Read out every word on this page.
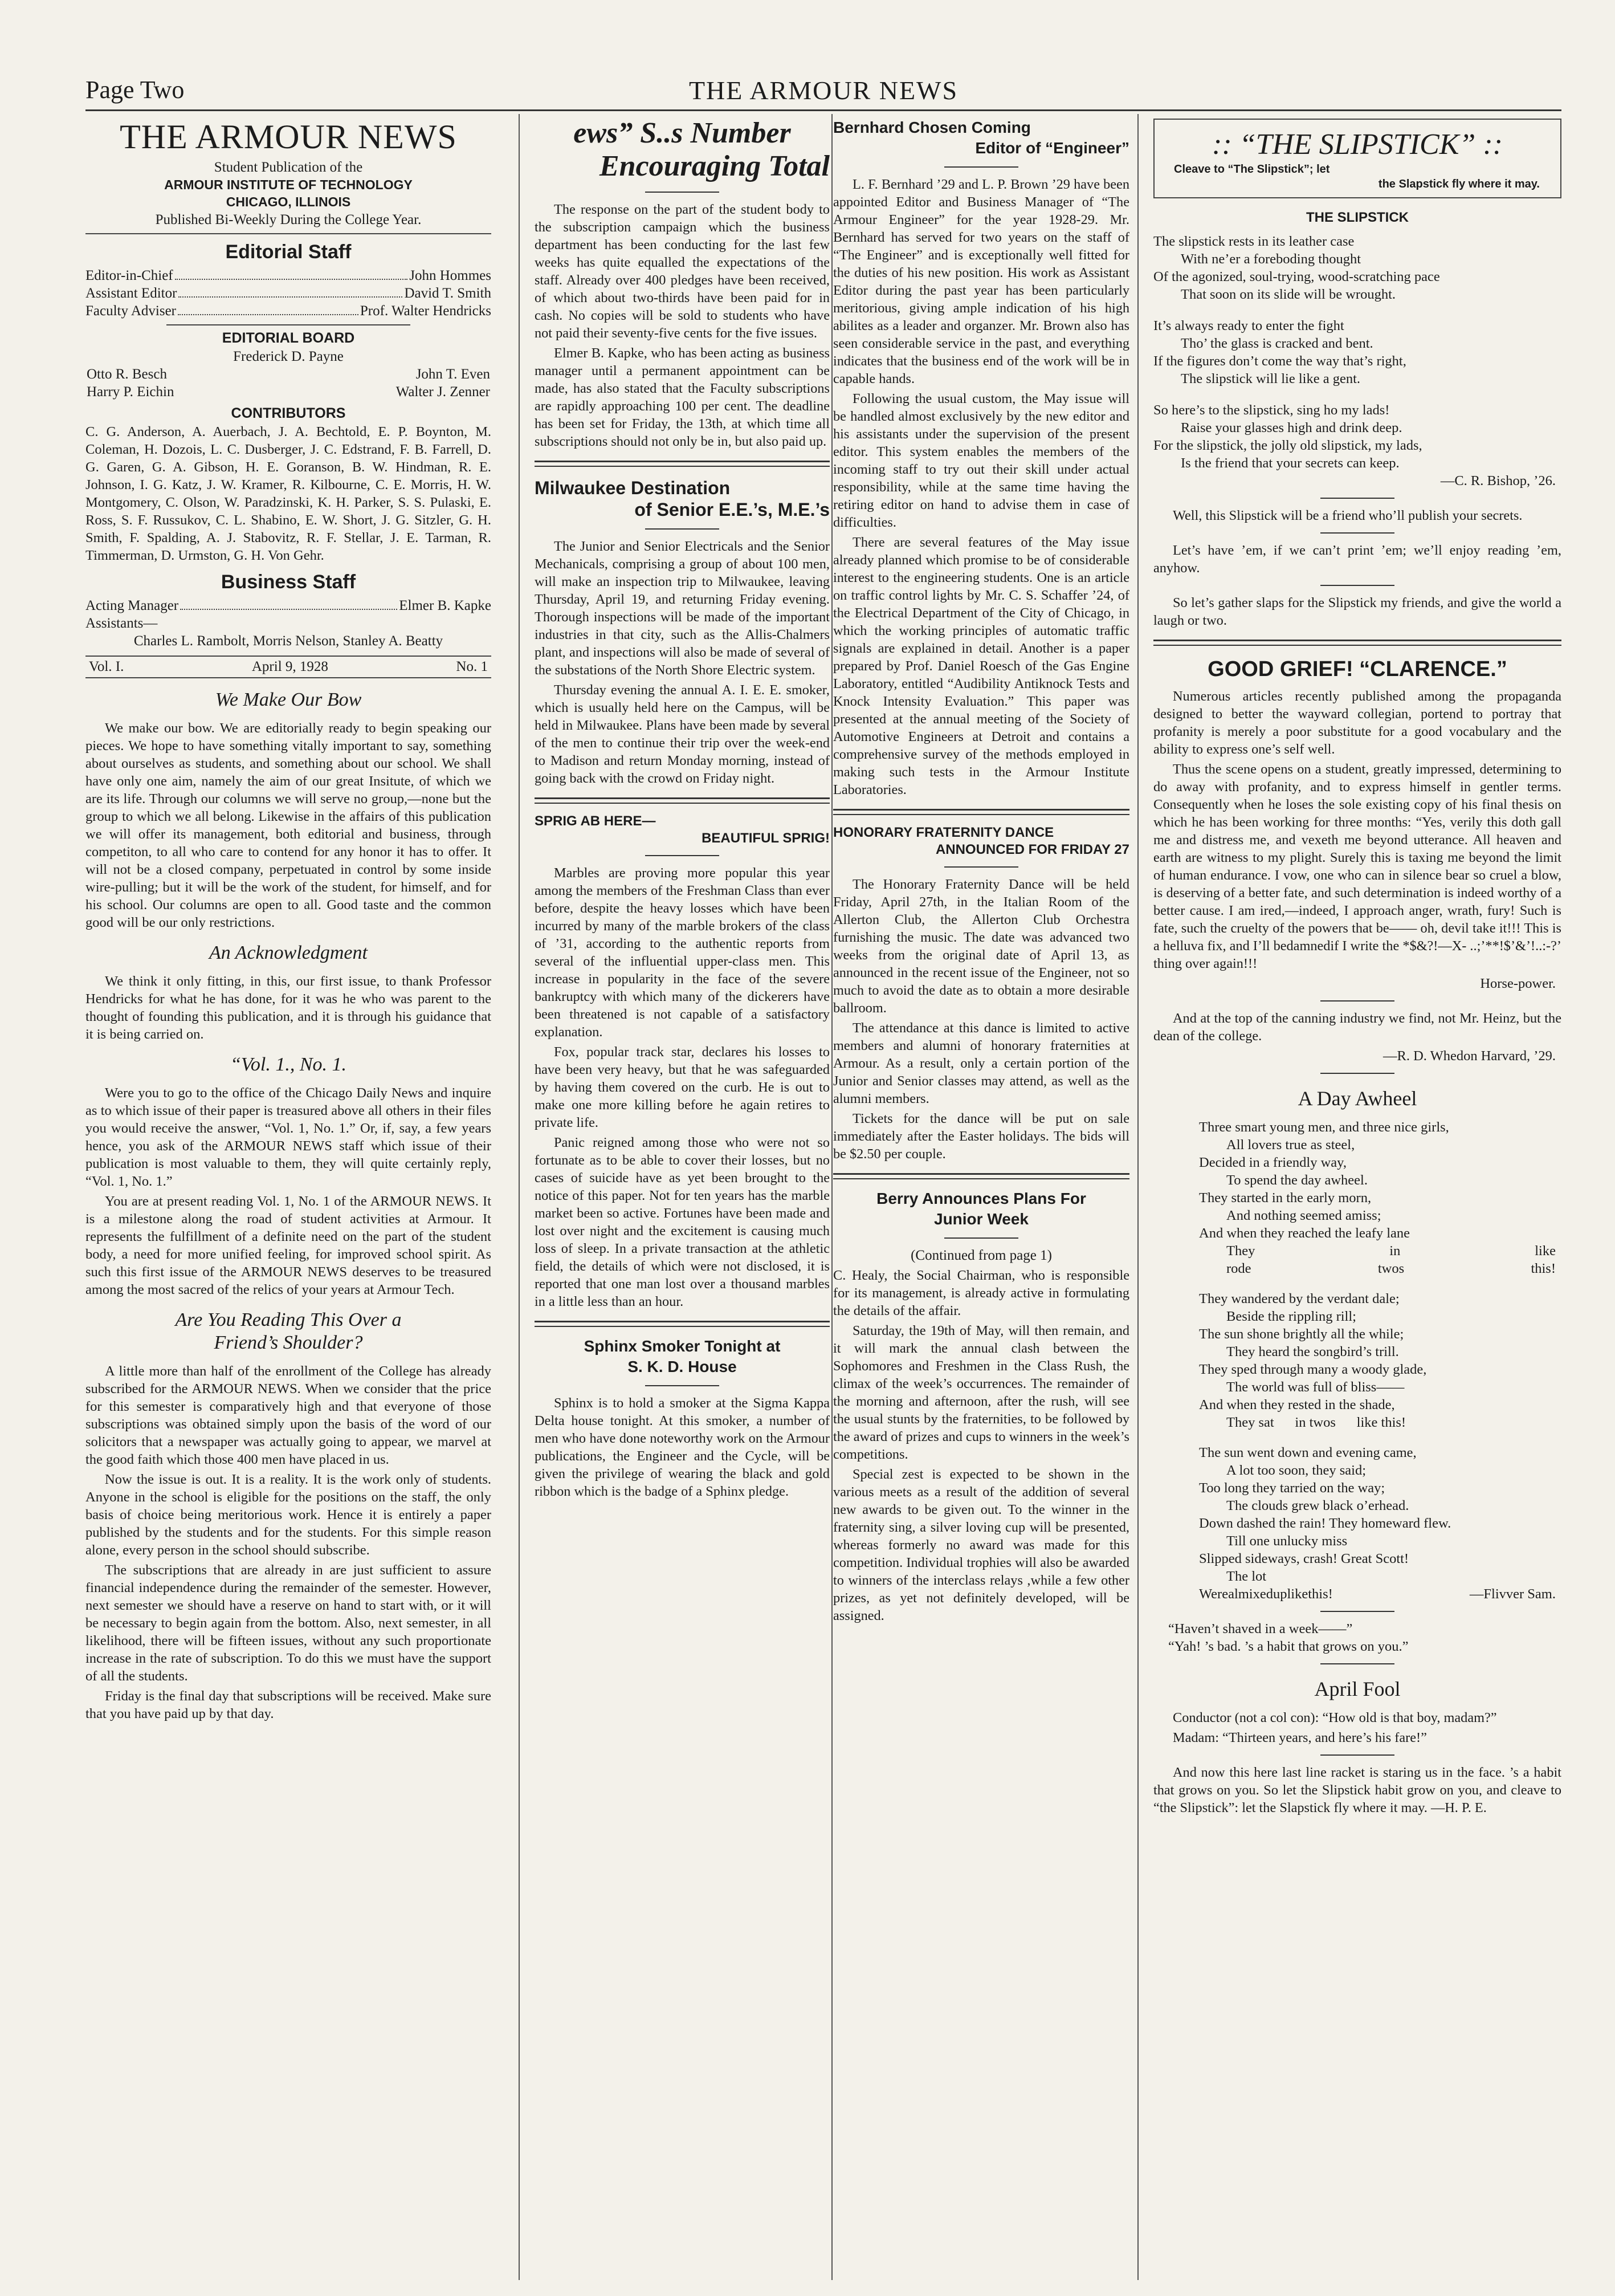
Page Two	THE ARMOUR NEWS
THE ARMOUR NEWS
Student Publication of the
ARMOUR INSTITUTE OF TECHNOLOGY
CHICAGO, ILLINOIS
Published Bi-Weekly During the College Year.
Editorial Staff
Editor-in-Chief	John Hommes
Assistant Editor	David T. Smith
Faculty Adviser	Prof. Walter Hendricks
EDITORIAL BOARD
Frederick D. Payne
Otto R. Besch	John T. Even
Harry P. Eichin	Walter J. Zenner
CONTRIBUTORS
C. G. Anderson, A. Auerbach, J. A. Bechtold, E. P. Boynton, M. Coleman, H. Dozois, L. C. Dusberger, J. C. Edstrand, F. B. Farrell, D. G. Garen, G. A. Gibson, H. E. Goranson, B. W. Hindman, R. E. Johnson, I. G. Katz, J. W. Kramer, R. Kilbourne, C. E. Morris, H. W. Montgomery, C. Olson, W. Paradzinski, K. H. Parker, S. S. Pulaski, E. Ross, S. F. Russukov, C. L. Shabino, E. W. Short, J. G. Sitzler, G. H. Smith, F. Spalding, A. J. Stabovitz, R. F. Stellar, J. E. Tarman, R. Timmerman, D. Urmston, G. H. Von Gehr.
Business Staff
Acting Manager	Elmer B. Kapke
Assistants—
Charles L. Rambolt, Morris Nelson, Stanley A. Beatty
Vol. I.	April 9, 1928	No. 1
We Make Our Bow

We make our bow. We are editorially ready to begin speaking our pieces. We hope to have something vitally important to say, something about ourselves as students, and something about our school. We shall have only one aim, namely the aim of our great Insitute, of which we are its life. Through our columns we will serve no group,—none but the group to which we all belong. Likewise in the affairs of this publication we will offer its management, both editorial and business, through competiton, to all who care to contend for any honor it has to offer. It will not be a closed company, perpetuated in control by some inside wire-pulling; but it will be the work of the student, for himself, and for his school. Our columns are open to all. Good taste and the common good will be our only restrictions.

An Acknowledgment

We think it only fitting, in this, our first issue, to thank Professor Hendricks for what he has done, for it was he who was parent to the thought of founding this publication, and it is through his guidance that it is being carried on.

“Vol. 1., No. 1.

Were you to go to the office of the Chicago Daily News and inquire as to which issue of their paper is treasured above all others in their files you would receive the answer, “Vol. 1, No. 1.” Or, if, say, a few years hence, you ask of the ARMOUR NEWS staff which issue of their publication is most valuable to them, they will quite certainly reply, “Vol. 1, No. 1.”

You are at present reading Vol. 1, No. 1 of the ARMOUR NEWS. It is a milestone along the road of student activities at Armour. It represents the fulfillment of a definite need on the part of the student body, a need for more unified feeling, for improved school spirit. As such this first issue of the ARMOUR NEWS deserves to be treasured among the most sacred of the relics of your years at Armour Tech.

Are You Reading This Over a
Friend’s Shoulder?

A little more than half of the enrollment of the College has already subscribed for the ARMOUR NEWS. When we consider that the price for this semester is comparatively high and that everyone of those subscriptions was obtained simply upon the basis of the word of our solicitors that a newspaper was actually going to appear, we marvel at the good faith which those 400 men have placed in us.

Now the issue is out. It is a reality. It is the work only of students. Anyone in the school is eligible for the positions on the staff, the only basis of choice being meritorious work. Hence it is entirely a paper published by the students and for the students. For this simple reason alone, every person in the school should subscribe.

The subscriptions that are already in are just sufficient to assure financial independence during the remainder of the semester. However, next semester we should have a reserve on hand to start with, or it will be necessary to begin again from the bottom. Also, next semester, in all likelihood, there will be fifteen issues, without any such proportionate increase in the rate of subscription. To do this we must have the support of all the students.

Friday is the final day that subscriptions will be received. Make sure that you have paid up by that day.

ews” S..s Number
Encouraging Total

The response on the part of the student body to the subscription campaign which the business department has been conducting for the last few weeks has quite equalled the expectations of the staff. Already over 400 pledges have been received, of which about two-thirds have been paid for in cash. No copies will be sold to students who have not paid their seventy-five cents for the five issues.

Elmer B. Kapke, who has been acting as business manager until a permanent appointment can be made, has also stated that the Faculty subscriptions are rapidly approaching 100 per cent. The deadline has been set for Friday, the 13th, at which time all subscriptions should not only be in, but also paid up.

Milwaukee Destination
of Senior E.E.’s, M.E.’s

The Junior and Senior Electricals and the Senior Mechanicals, comprising a group of about 100 men, will make an inspection trip to Milwaukee, leaving Thursday, April 19, and returning Friday evening. Thorough inspections will be made of the important industries in that city, such as the Allis-Chalmers plant, and inspections will also be made of several of the substations of the North Shore Electric system.

Thursday evening the annual A. I. E. E. smoker, which is usually held here on the Campus, will be held in Milwaukee. Plans have been made by several of the men to continue their trip over the week-end to Madison and return Monday morning, instead of going back with the crowd on Friday night.

SPRIG AB HERE—
BEAUTIFUL SPRIG!

Marbles are proving more popular this year among the members of the Freshman Class than ever before, despite the heavy losses which have been incurred by many of the marble brokers of the class of ’31, according to the authentic reports from several of the influential upper-class men. This increase in popularity in the face of the severe bankruptcy with which many of the dickerers have been threatened is not capable of a satisfactory explanation.

Fox, popular track star, declares his losses to have been very heavy, but that he was safeguarded by having them covered on the curb. He is out to make one more killing before he again retires to private life.

Panic reigned among those who were not so fortunate as to be able to cover their losses, but no cases of suicide have as yet been brought to the notice of this paper. Not for ten years has the marble market been so active. Fortunes have been made and lost over night and the excitement is causing much loss of sleep. In a private transaction at the athletic field, the details of which were not disclosed, it is reported that one man lost over a thousand marbles in a little less than an hour.

Sphinx Smoker Tonight at
S. K. D. House

Sphinx is to hold a smoker at the Sigma Kappa Delta house tonight. At this smoker, a number of men who have done noteworthy work on the Armour publications, the Engineer and the Cycle, will be given the privilege of wearing the black and gold ribbon which is the badge of a Sphinx pledge.

Bernhard Chosen Coming
Editor of “Engineer”

L. F. Bernhard ’29 and L. P. Brown ’29 have been appointed Editor and Business Manager of “The Armour Engineer” for the year 1928-29. Mr. Bernhard has served for two years on the staff of “The Engineer” and is exceptionally well fitted for the duties of his new position. His work as Assistant Editor during the past year has been particularly meritorious, giving ample indication of his high abilites as a leader and organzer. Mr. Brown also has seen considerable service in the past, and everything indicates that the business end of the work will be in capable hands.

Following the usual custom, the May issue will be handled almost exclusively by the new editor and his assistants under the supervision of the present editor. This system enables the members of the incoming staff to try out their skill under actual responsibility, while at the same time having the retiring editor on hand to advise them in case of difficulties.

There are several features of the May issue already planned which promise to be of considerable interest to the engineering students. One is an article on traffic control lights by Mr. C. S. Schaffer ’24, of the Electrical Department of the City of Chicago, in which the working principles of automatic traffic signals are explained in detail. Another is a paper prepared by Prof. Daniel Roesch of the Gas Engine Laboratory, entitled “Audibility Antiknock Tests and Knock Intensity Evaluation.” This paper was presented at the annual meeting of the Society of Automotive Engineers at Detroit and contains a comprehensive survey of the methods employed in making such tests in the Armour Institute Laboratories.

HONORARY FRATERNITY DANCE
ANNOUNCED FOR FRIDAY 27

The Honorary Fraternity Dance will be held Friday, April 27th, in the Italian Room of the Allerton Club, the Allerton Club Orchestra furnishing the music. The date was advanced two weeks from the original date of April 13, as announced in the recent issue of the Engineer, not so much to avoid the date as to obtain a more desirable ballroom.

The attendance at this dance is limited to active members and alumni of honorary fraternities at Armour. As a result, only a certain portion of the Junior and Senior classes may attend, as well as the alumni members.

Tickets for the dance will be put on sale immediately after the Easter holidays. The bids will be $2.50 per couple.

Berry Announces Plans For
Junior Week
(Continued from page 1)

C. Healy, the Social Chairman, who is responsible for its management, is already active in formulating the details of the affair.

Saturday, the 19th of May, will then remain, and it will mark the annual clash between the Sophomores and Freshmen in the Class Rush, the climax of the week’s occurrences. The remainder of the morning and afternoon, after the rush, will see the usual stunts by the fraternities, to be followed by the award of prizes and cups to winners in the week’s competitions.

Special zest is expected to be shown in the various meets as a result of the addition of several new awards to be given out. To the winner in the fraternity sing, a silver loving cup will be presented, whereas formerly no award was made for this competition. Individual trophies will also be awarded to winners of the interclass relays ,while a few other prizes, as yet not definitely developed, will be assigned.

:: “THE SLIPSTICK” ::
Cleave to “The Slipstick”; let
the Slapstick fly where it may.
THE SLIPSTICK
The slipstick rests in its leather case
With ne’er a foreboding thought
Of the agonized, soul-trying, wood-scratching pace
That soon on its slide will be wrought.
It’s always ready to enter the fight
Tho’ the glass is cracked and bent.
If the figures don’t come the way that’s right,
The slipstick will lie like a gent.
So here’s to the slipstick, sing ho my lads!
Raise your glasses high and drink deep.
For the slipstick, the jolly old slipstick, my lads,
Is the friend that your secrets can keep.
—C. R. Bishop, ’26.

Well, this Slipstick will be a friend who’ll publish your secrets.

Let’s have ’em, if we can’t print ’em; we’ll enjoy reading ’em, anyhow.

So let’s gather slaps for the Slipstick my friends, and give the world a laugh or two.

GOOD GRIEF! “CLARENCE.”

Numerous articles recently published among the propaganda designed to better the wayward collegian, portend to portray that profanity is merely a poor substitute for a good vocabulary and the ability to express one’s self well.

Thus the scene opens on a student, greatly impressed, determining to do away with profanity, and to express himself in gentler terms. Consequently when he loses the sole existing copy of his final thesis on which he has been working for three months: “Yes, verily this doth gall me and distress me, and vexeth me beyond utterance. All heaven and earth are witness to my plight. Surely this is taxing me beyond the limit of human endurance. I vow, one who can in silence bear so cruel a blow, is deserving of a better fate, and such determination is indeed worthy of a better cause. I am ired,—indeed, I approach anger, wrath, fury! Such is fate, such the cruelty of the powers that be—— oh, devil take it!!! This is a helluva fix, and I’ll bedamnedif I write the *$&?!—X- ..;’**!$’&’!..:-?’ thing over again!!!

Horse-power.

And at the top of the canning industry we find, not Mr. Heinz, but the dean of the college.

—R. D. Whedon Harvard, ’29.
A Day Awheel
Three smart young men, and three nice girls,
All lovers true as steel,
Decided in a friendly way,
To spend the day awheel.
They started in the early morn,
And nothing seemed amiss;
And when they reached the leafy lane
They	in	like
rode	twos	this!
They wandered by the verdant dale;
Beside the rippling rill;
The sun shone brightly all the while;
They heard the songbird’s trill.
They sped through many a woody glade,
The world was full of bliss——
And when they rested in the shade,
They sat      in twos      like this!
The sun went down and evening came,
A lot too soon, they said;
Too long they tarried on the way;
The clouds grew black o’erhead.
Down dashed the rain! They homeward flew.
Till one unlucky miss
Slipped sideways, crash! Great Scott!
The lot
Werealmixeduplikethis!	—Flivver Sam.
“Haven’t shaved in a week——”
“Yah! ’s bad. ’s a habit that grows on you.”
April Fool

Conductor (not a col con): “How old is that boy, madam?”

Madam: “Thirteen years, and here’s his fare!”

And now this here last line racket is staring us in the face. ’s a habit that grows on you. So let the Slipstick habit grow on you, and cleave to “the Slipstick”: let the Slapstick fly where it may. —H. P. E.
